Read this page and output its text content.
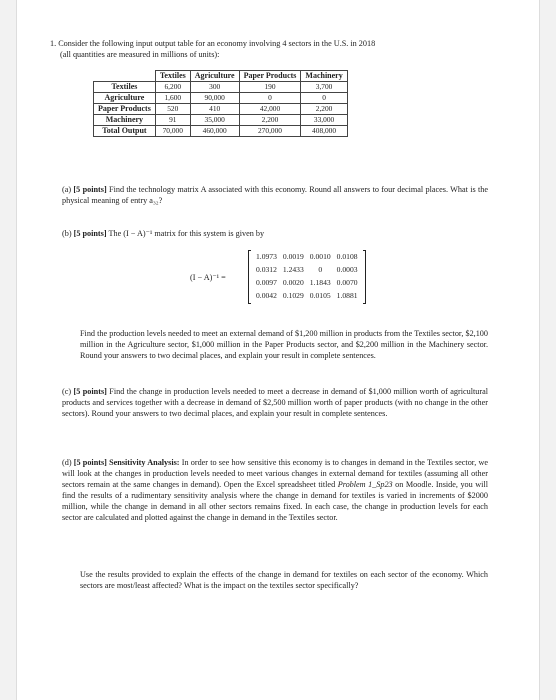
1. Consider the following input output table for an economy involving 4 sectors in the U.S. in 2018
(all quantities are measured in millions of units):

	Textiles	Agriculture	Paper Products	Machinery
Textiles	6,200	300	190	3,700
Agriculture	1,600	90,000	0	0
Paper Products	520	410	42,000	2,200
Machinery	91	35,000	2,200	33,000
Total Output	70,000	460,000	270,000	408,000

(a) [5 points] Find the technology matrix A associated with this economy. Round all answers to four decimal places. What is the physical meaning of entry a₃₂?

(b) [5 points] The (I − A)⁻¹ matrix for this system is given by

(I − A)⁻¹ =
1.0973	0.0019	0.0010	0.0108
0.0312	1.2433	0	0.0003
0.0097	0.0020	1.1843	0.0070
0.0042	0.1029	0.0105	1.0881

Find the production levels needed to meet an external demand of $1,200 million in products from the Textiles sector, $2,100 million in the Agriculture sector, $1,000 million in the Paper Products sector, and $2,200 million in the Machinery sector. Round your answers to two decimal places, and explain your result in complete sentences.

(c) [5 points] Find the change in production levels needed to meet a decrease in demand of $1,000 million worth of agricultural products and services together with a decrease in demand of $2,500 million worth of paper products (with no change in the other sectors). Round your answers to two decimal places, and explain your result in complete sentences.

(d) [5 points] Sensitivity Analysis: In order to see how sensitive this economy is to changes in demand in the Textiles sector, we will look at the changes in production levels needed to meet various changes in external demand for textiles (assuming all other sectors remain at the same changes in demand). Open the Excel spreadsheet titled Problem 1_Sp23 on Moodle. Inside, you will find the results of a rudimentary sensitivity analysis where the change in demand for textiles is varied in increments of $2000 million, while the change in demand in all other sectors remains fixed. In each case, the change in production levels for each sector are calculated and plotted against the change in demand in the Textiles sector.

Use the results provided to explain the effects of the change in demand for textiles on each sector of the economy. Which sectors are most/least affected? What is the impact on the textiles sector specifically?
